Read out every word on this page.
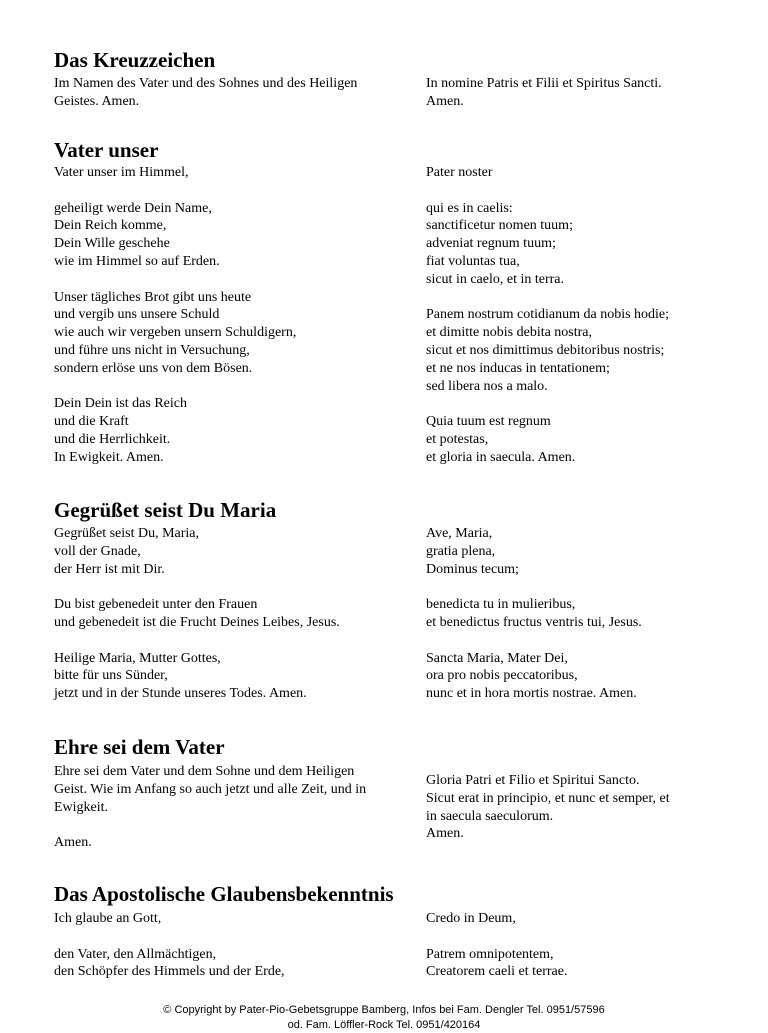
Das Kreuzzeichen
Im Namen des Vater und des Sohnes und des Heiligen
Geistes. Amen.
In nomine Patris et Filii et Spiritus Sancti.
Amen.
Vater unser
Vater unser im Himmel,
geheiligt werde Dein Name,
Dein Reich komme,
Dein Wille geschehe
wie im Himmel so auf Erden.
Unser tägliches Brot gibt uns heute
und vergib uns unsere Schuld
wie auch wir vergeben unsern Schuldigern,
und führe uns nicht in Versuchung,
sondern erlöse uns von dem Bösen.
Dein Dein ist das Reich
und die Kraft
und die Herrlichkeit.
In Ewigkeit. Amen.
Pater noster
qui es in caelis:
sanctificetur nomen tuum;
adveniat regnum tuum;
fiat voluntas tua,
sicut in caelo, et in terra.
Panem nostrum cotidianum da nobis hodie;
et dimitte nobis debita nostra,
sicut et nos dimittimus debitoribus nostris;
et ne nos inducas in tentationem;
sed libera nos a malo.
Quia tuum est regnum
et potestas,
et gloria in saecula. Amen.
Gegrüßet seist Du Maria
Gegrüßet seist Du, Maria,
voll der Gnade,
der Herr ist mit Dir.
Du bist gebenedeit unter den Frauen
und gebenedeit ist die Frucht Deines Leibes, Jesus.
Heilige Maria, Mutter Gottes,
bitte für uns Sünder,
jetzt und in der Stunde unseres Todes. Amen.
Ave, Maria,
gratia plena,
Dominus tecum;
benedicta tu in mulieribus,
et benedictus fructus ventris tui, Jesus.
Sancta Maria, Mater Dei,
ora pro nobis peccatoribus,
nunc et in hora mortis nostrae. Amen.
Ehre sei dem Vater
Ehre sei dem Vater und dem Sohne und dem Heiligen
Geist. Wie im Anfang so auch jetzt und alle Zeit, und in
Ewigkeit.
Amen.
Gloria Patri et Filio et Spiritui Sancto.
Sicut erat in principio, et nunc et semper, et
in saecula saeculorum.
Amen.
Das Apostolische Glaubensbekenntnis
Ich glaube an Gott,
den Vater, den Allmächtigen,
den Schöpfer des Himmels und der Erde,
Credo in Deum,
Patrem omnipotentem,
Creatorem caeli et terrae.
© Copyright by Pater-Pio-Gebetsgruppe Bamberg, Infos bei Fam. Dengler Tel. 0951/57596
od. Fam. Löffler-Rock Tel. 0951/420164
